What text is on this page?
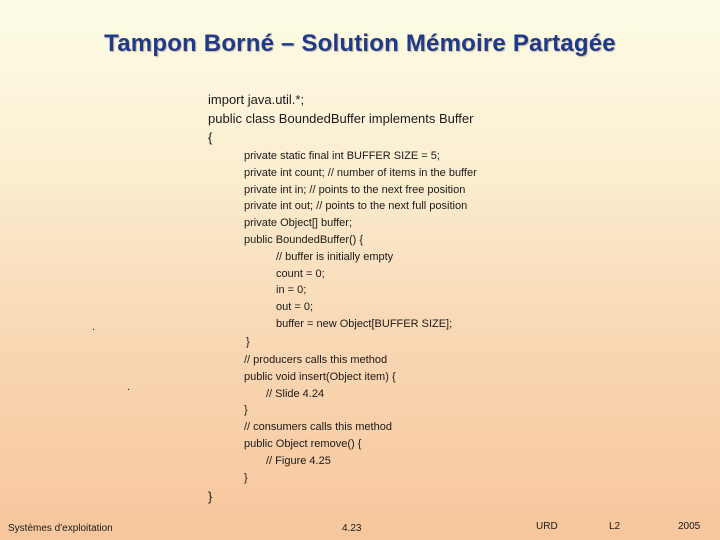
Tampon Borné – Solution Mémoire Partagée
import java.util.*;
public class BoundedBuffer implements Buffer
{
private static final int BUFFER SIZE = 5;
private int count; // number of items in the buffer
private int in; // points to the next free position
private int out; // points to the next full position
private Object[] buffer;
public BoundedBuffer() {
// buffer is initially empty
count = 0;
in = 0;
out = 0;
buffer = new Object[BUFFER SIZE];
}
// producers calls this method
public void insert(Object item) {
// Slide 4.24
}
// consumers calls this method
public Object remove() {
// Figure 4.25
}
}
.
.
Systèmes d'exploitation	4.23	URD	L2	2005
